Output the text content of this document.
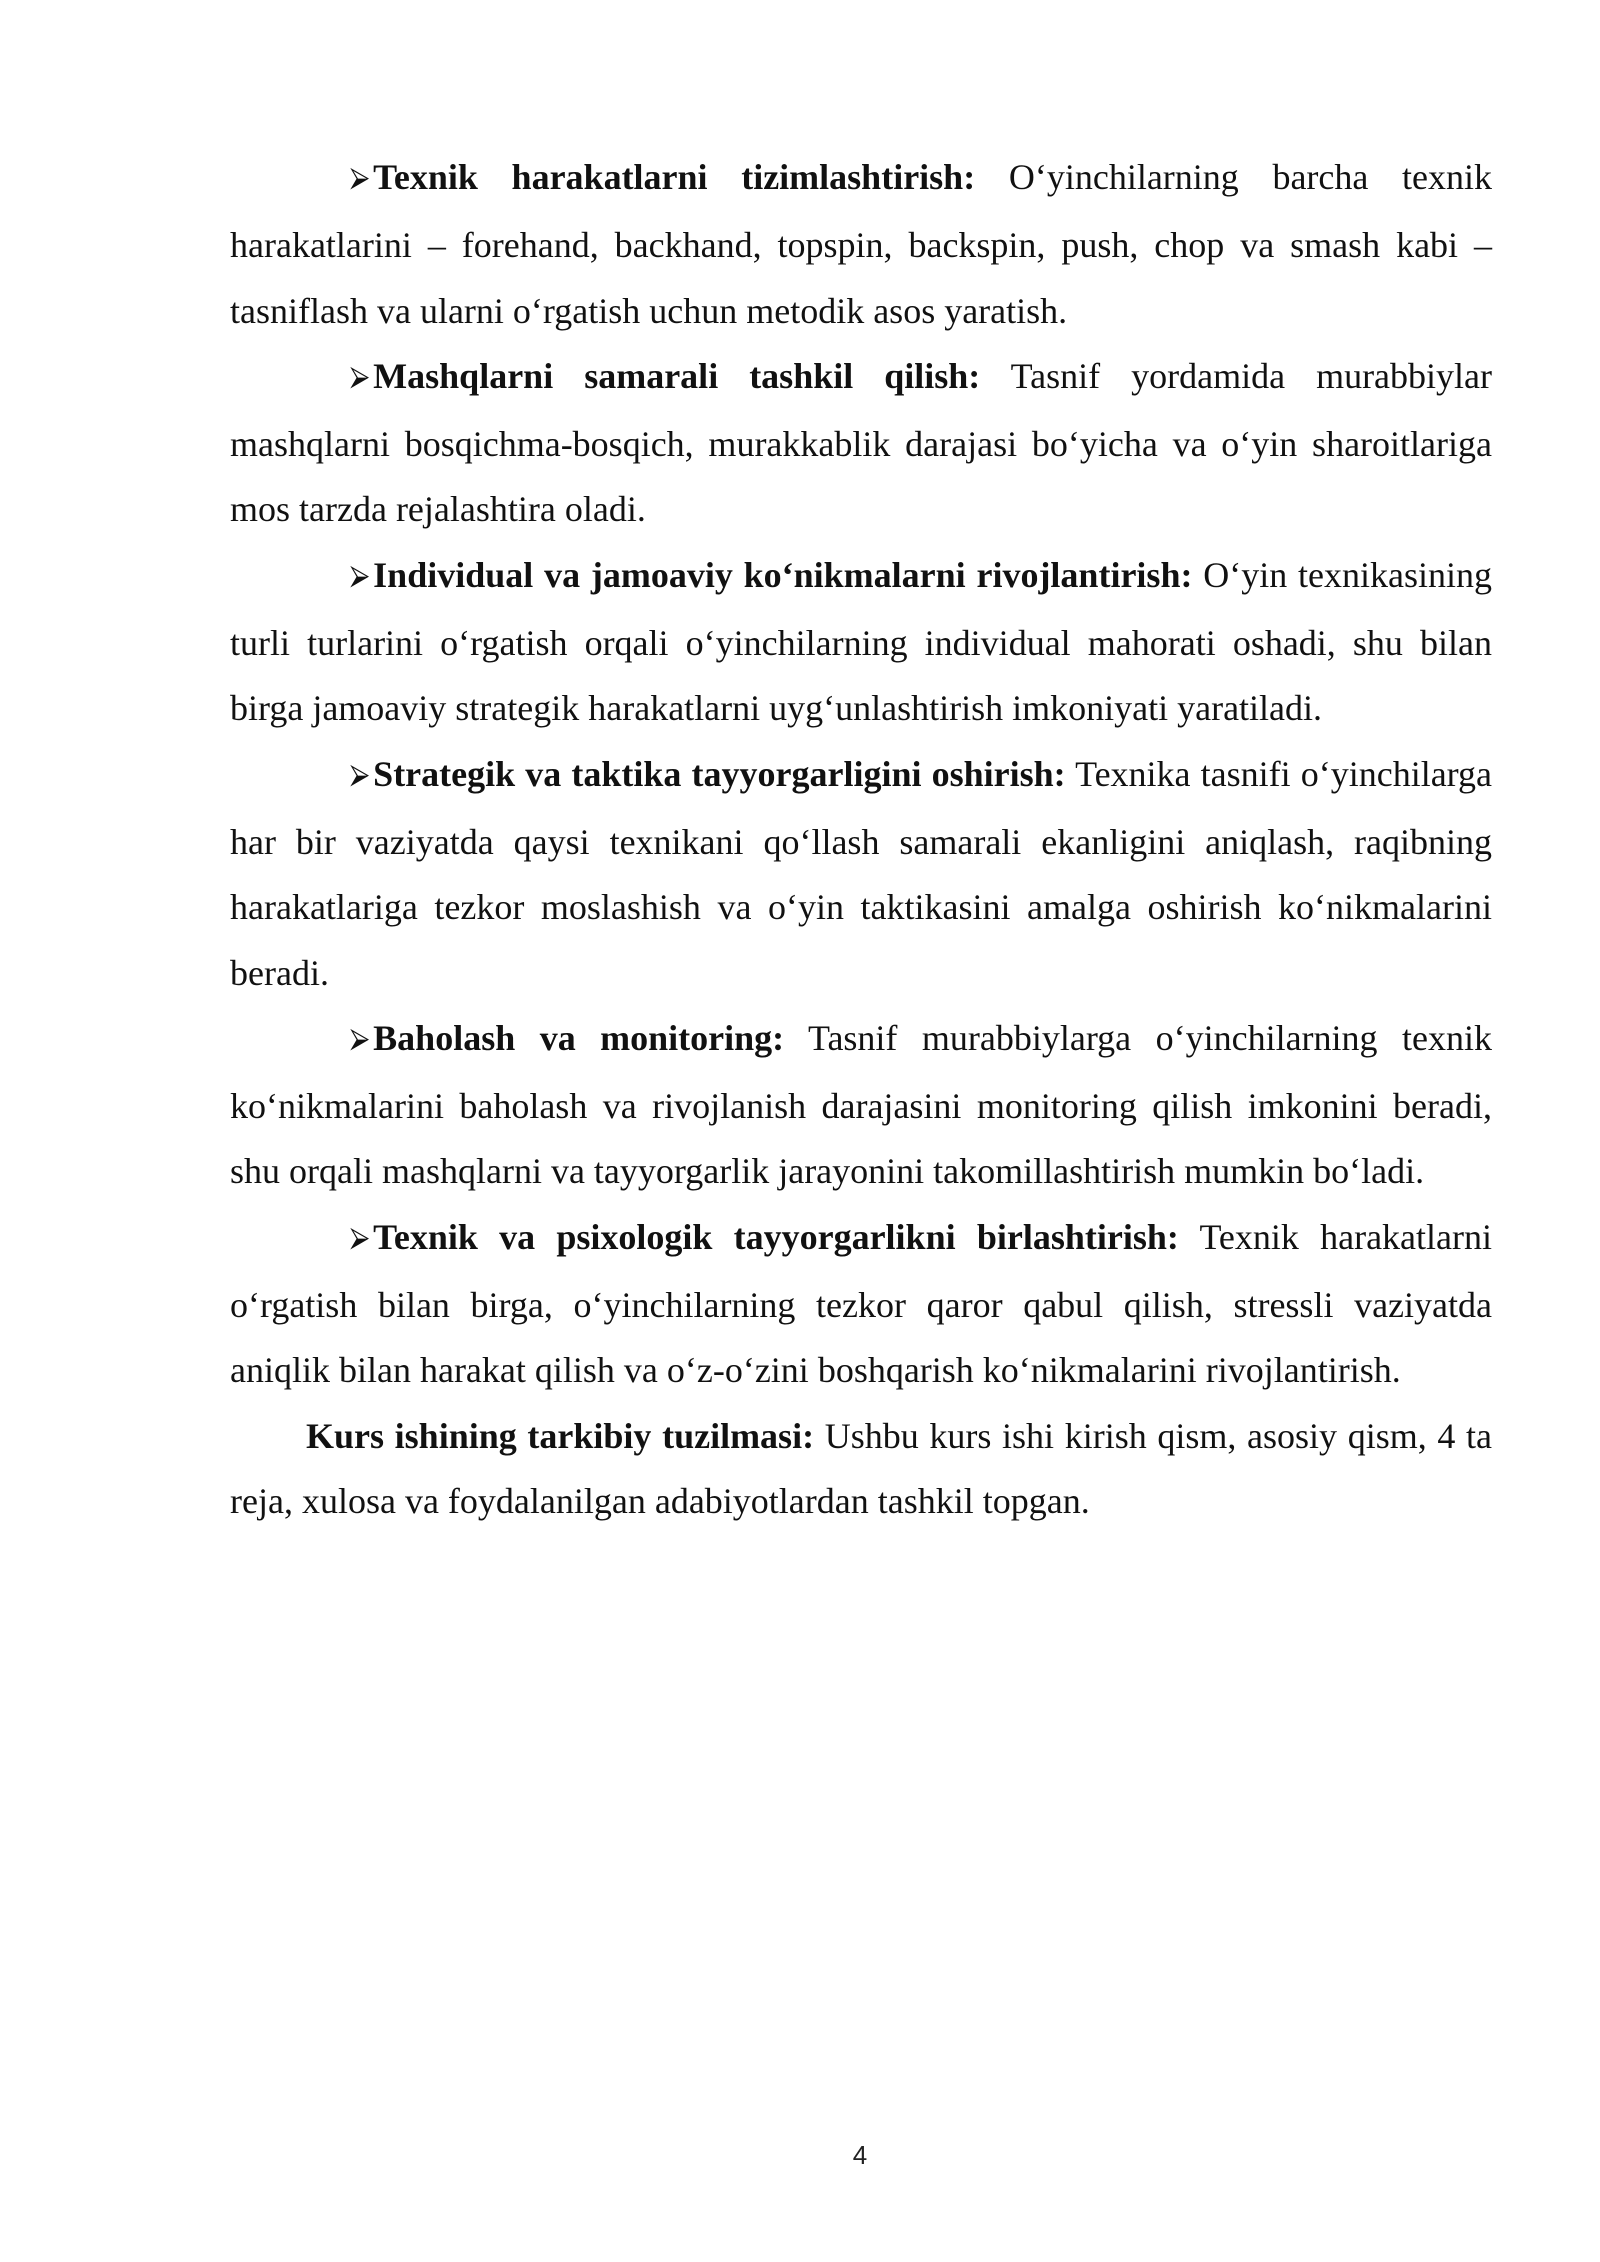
⮚ Texnik harakatlarni tizimlashtirish: O‘yinchilarning barcha texnik harakatlarini – forehand, backhand, topspin, backspin, push, chop va smash kabi – tasniflash va ularni o‘rgatish uchun metodik asos yaratish.

⮚ Mashqlarni samarali tashkil qilish: Tasnif yordamida murabbiylar mashqlarni bosqichma-bosqich, murakkablik darajasi bo‘yicha va o‘yin sharoitlariga mos tarzda rejalashtira oladi.

⮚ Individual va jamoaviy ko‘nikmalarni rivojlantirish: O‘yin texnikasining turli turlarini o‘rgatish orqali o‘yinchilarning individual mahorati oshadi, shu bilan birga jamoaviy strategik harakatlarni uyg‘unlashtirish imkoniyati yaratiladi.

⮚ Strategik va taktika tayyorgarligini oshirish: Texnika tasnifi o‘yinchilarga har bir vaziyatda qaysi texnikani qo‘llash samarali ekanligini aniqlash, raqibning harakatlariga tezkor moslashish va o‘yin taktikasini amalga oshirish ko‘nikmalarini beradi.

⮚ Baholash va monitoring: Tasnif murabbiylarga o‘yinchilarning texnik ko‘nikmalarini baholash va rivojlanish darajasini monitoring qilish imkonini beradi, shu orqali mashqlarni va tayyorgarlik jarayonini takomillashtirish mumkin bo‘ladi.

⮚ Texnik va psixologik tayyorgarlikni birlashtirish: Texnik harakatlarni o‘rgatish bilan birga, o‘yinchilarning tezkor qaror qabul qilish, stressli vaziyatda aniqlik bilan harakat qilish va o‘z-o‘zini boshqarish ko‘nikmalarini rivojlantirish.

Kurs ishining tarkibiy tuzilmasi: Ushbu kurs ishi kirish qism, asosiy qism, 4 ta reja, xulosa va foydalanilgan adabiyotlardan tashkil topgan.

4
